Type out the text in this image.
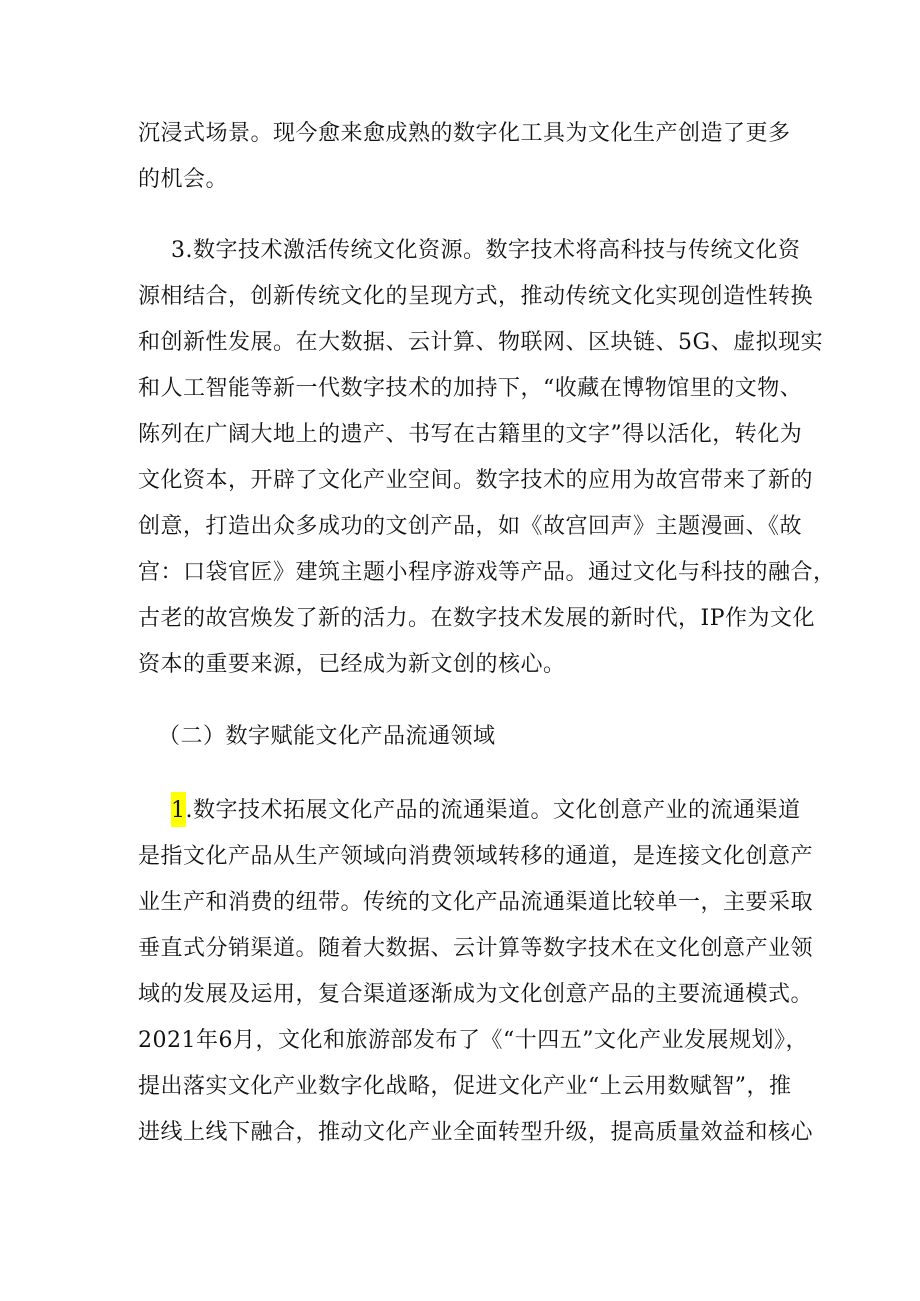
沉浸式场景。现今愈来愈成熟的数字化工具为文化生产创造了更多
的机会。
3.数字技术激活传统文化资源。数字技术将高科技与传统文化资
源相结合，创新传统文化的呈现方式，推动传统文化实现创造性转换
和创新性发展。在大数据、云计算、物联网、区块链、5G、虚拟现实
和人工智能等新一代数字技术的加持下，“收藏在博物馆里的文物、
陈列在广阔大地上的遗产、书写在古籍里的文字”得以活化，转化为
文化资本，开辟了文化产业空间。数字技术的应用为故宫带来了新的
创意，打造出众多成功的文创产品，如《故宫回声》主题漫画、《故
宫：口袋官匠》建筑主题小程序游戏等产品。通过文化与科技的融合，
古老的故宫焕发了新的活力。在数字技术发展的新时代，IP作为文化
资本的重要来源，已经成为新文创的核心。
（二）数字赋能文化产品流通领域
1.数字技术拓展文化产品的流通渠道。文化创意产业的流通渠道
是指文化产品从生产领域向消费领域转移的通道，是连接文化创意产
业生产和消费的纽带。传统的文化产品流通渠道比较单一，主要采取
垂直式分销渠道。随着大数据、云计算等数字技术在文化创意产业领
域的发展及运用，复合渠道逐渐成为文化创意产品的主要流通模式。
2021年6月，文化和旅游部发布了《“十四五”文化产业发展规划》，
提出落实文化产业数字化战略，促进文化产业“上云用数赋智”，推
进线上线下融合，推动文化产业全面转型升级，提高质量效益和核心
